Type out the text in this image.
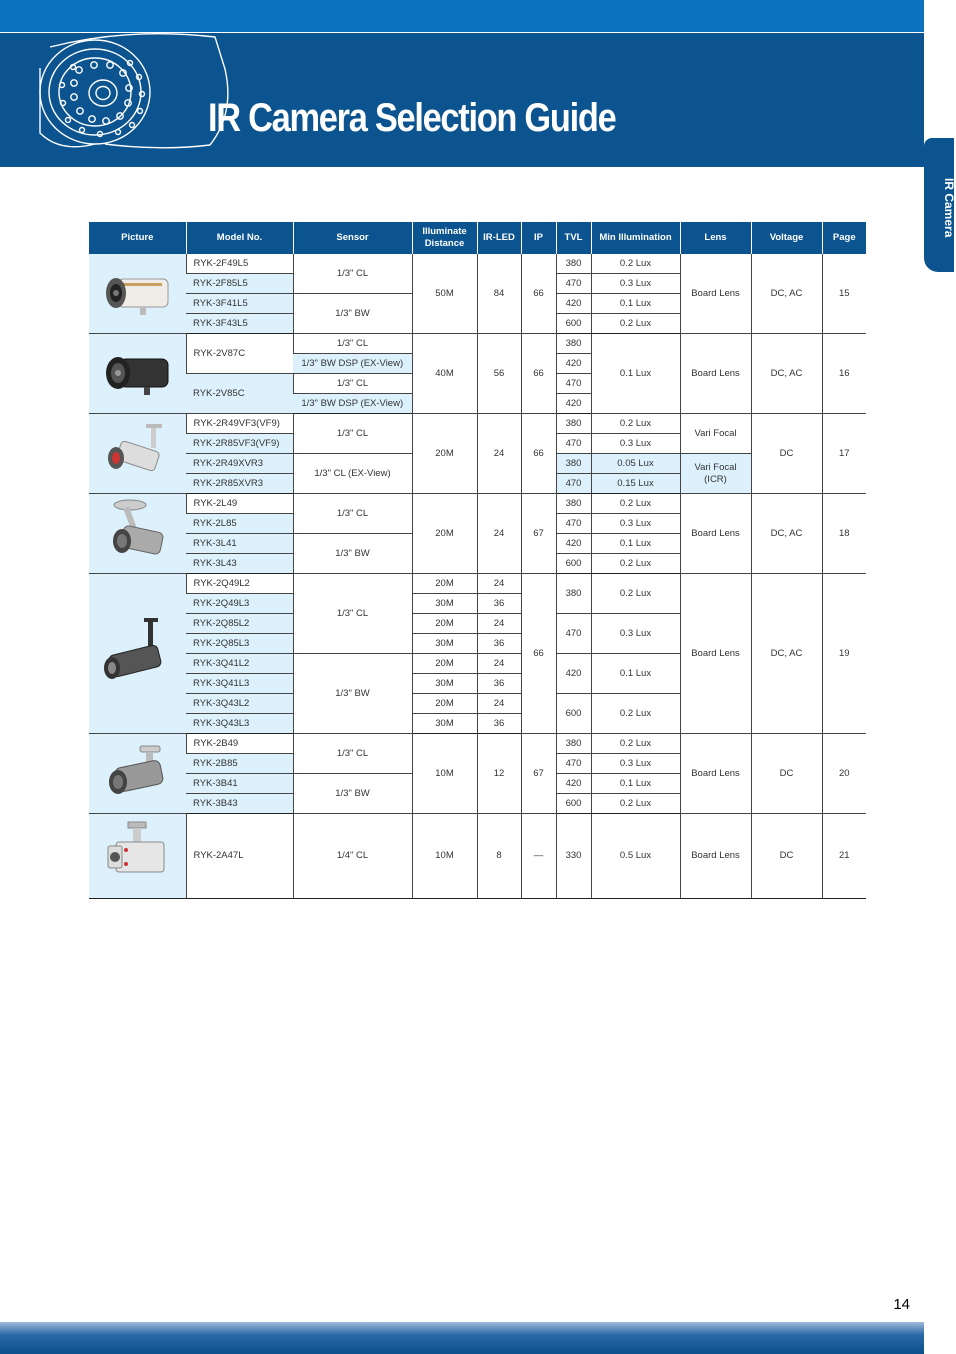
IR Camera Selection Guide
IR Camera
Picture	Model No.	Sensor	Illuminate Distance	IR-LED	IP	TVL	Min Illumination	Lens	Voltage	Page

	RYK-2F49L5	1/3" CL	50M	84	66	380	0.2 Lux	Board Lens	DC, AC	15
	RYK-2F85L5					470	0.3 Lux			
	RYK-3F41L5	1/3" BW				420	0.1 Lux			
	RYK-3F43L5					600	0.2 Lux			

	RYK-2V87C	1/3" CL	40M	56	66	380	0.1 Lux	Board Lens	DC, AC	16
		1/3" BW DSP (EX-View)				420				
	RYK-2V85C	1/3" CL				470				
		1/3" BW DSP (EX-View)				420				

	RYK-2R49VF3(VF9)	1/3" CL	20M	24	66	380	0.2 Lux	Vari Focal	DC	17
	RYK-2R85VF3(VF9)					470	0.3 Lux			
	RYK-2R49XVR3	1/3" CL (EX-View)				380	0.05 Lux	Vari Focal (ICR)		
	RYK-2R85XVR3					470	0.15 Lux			

	RYK-2L49	1/3" CL	20M	24	67	380	0.2 Lux	Board Lens	DC, AC	18
	RYK-2L85					470	0.3 Lux			
	RYK-3L41	1/3" BW				420	0.1 Lux			
	RYK-3L43					600	0.2 Lux			

	RYK-2Q49L2	1/3" CL	20M	24	66	380	0.2 Lux	Board Lens	DC, AC	19
	RYK-2Q49L3		30M	36						
	RYK-2Q85L2		20M	24		470	0.3 Lux			
	RYK-2Q85L3		30M	36						
	RYK-3Q41L2	1/3" BW	20M	24		420	0.1 Lux			
	RYK-3Q41L3		30M	36						
	RYK-3Q43L2		20M	24		600	0.2 Lux			
	RYK-3Q43L3		30M	36						

	RYK-2B49	1/3" CL	10M	12	67	380	0.2 Lux	Board Lens	DC	20
	RYK-2B85					470	0.3 Lux			
	RYK-3B41	1/3" BW				420	0.1 Lux			
	RYK-3B43					600	0.2 Lux			

	RYK-2A47L	1/4" CL	10M	8	—	330	0.5 Lux	Board Lens	DC	21
14
